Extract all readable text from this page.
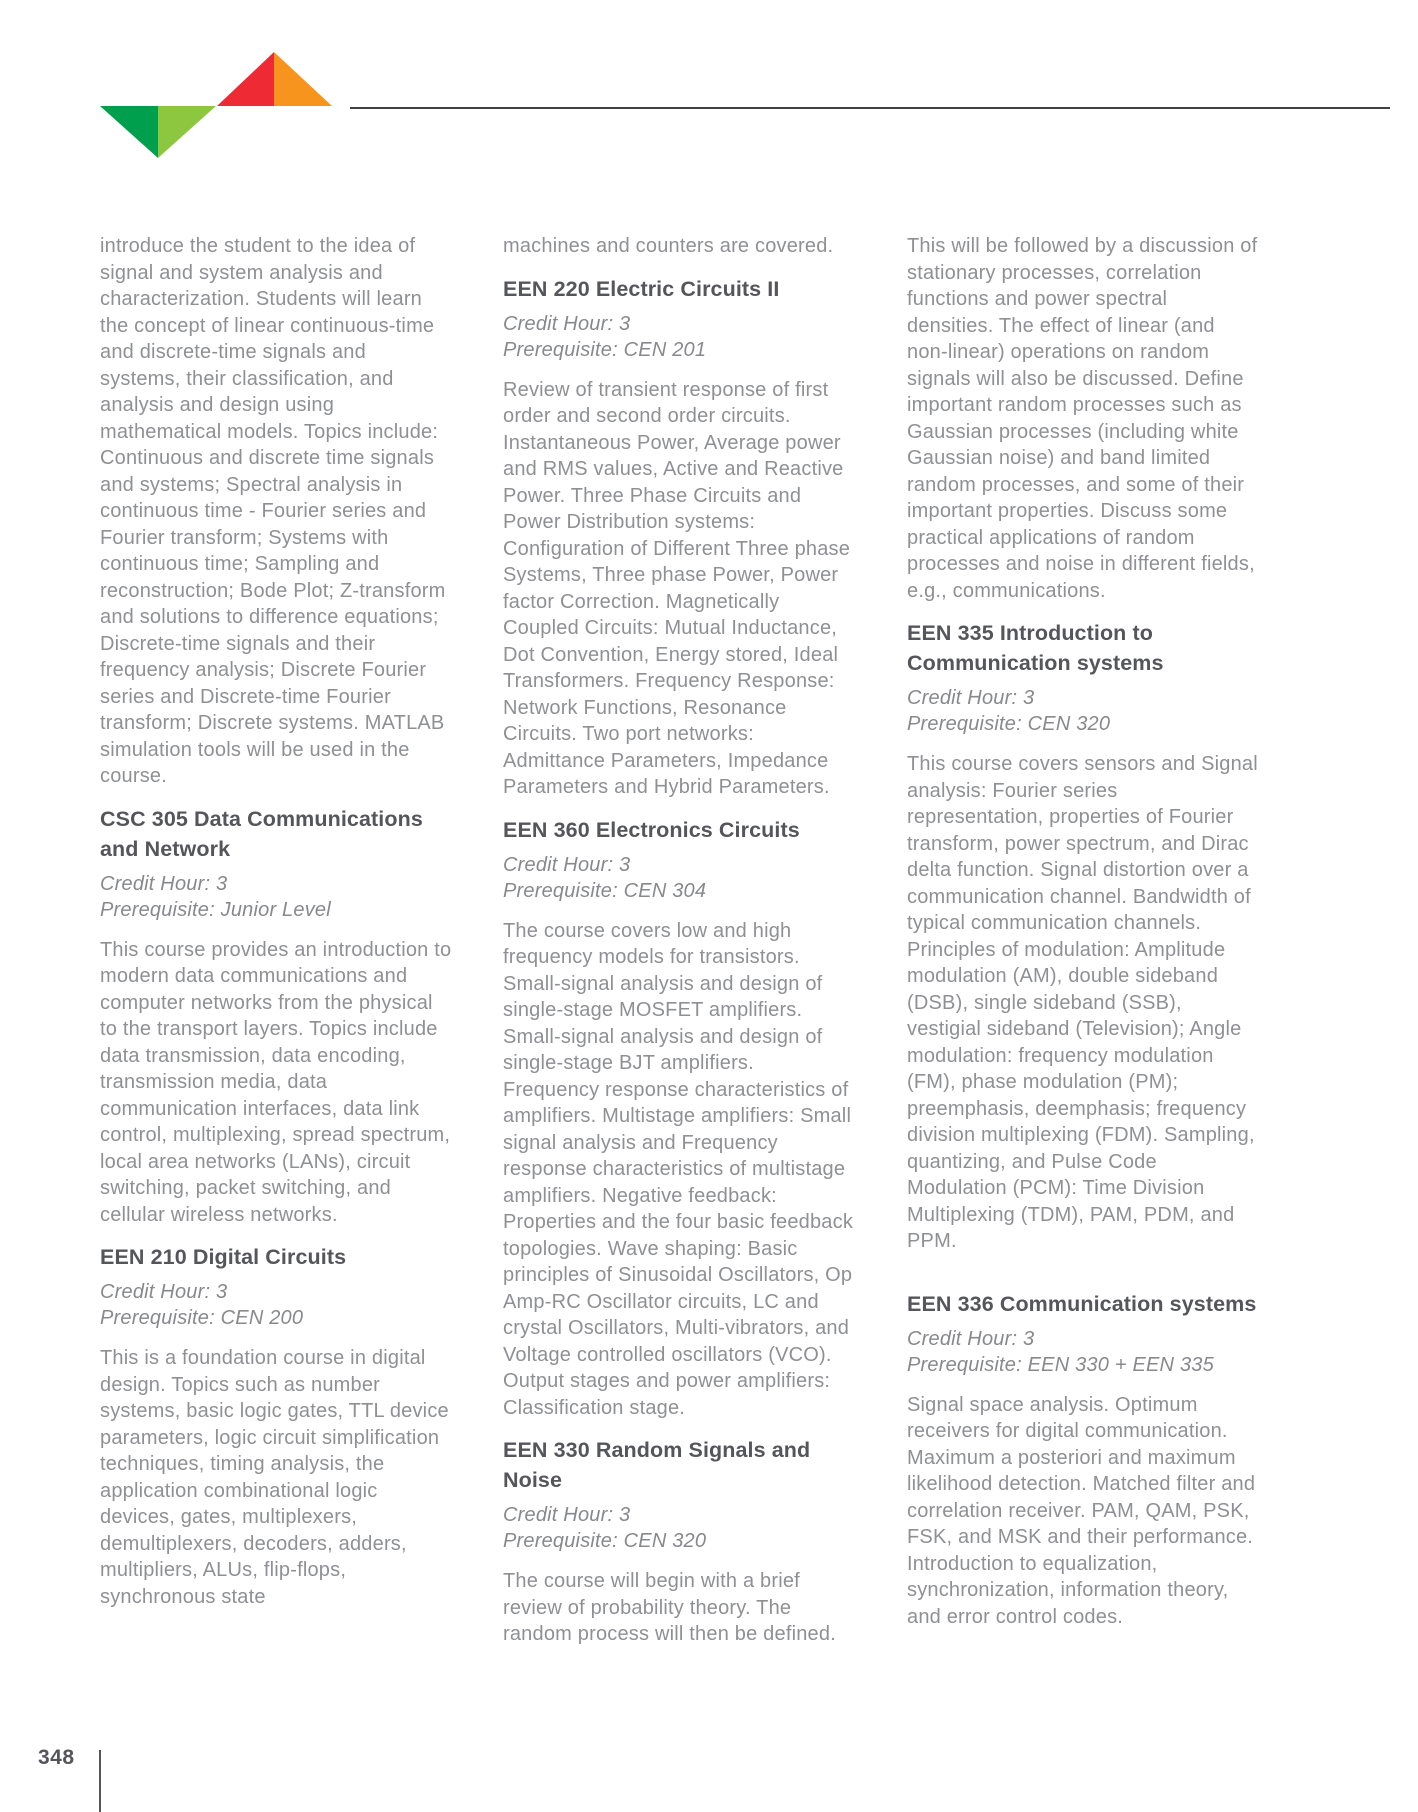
introduce the student to the idea of signal and system analysis and characterization. Students will learn the concept of linear continuous-time and discrete-time signals and systems, their classification, and analysis and design using mathematical models. Topics include: Continuous and discrete time signals and systems; Spectral analysis in continuous time - Fourier series and Fourier transform; Systems with continuous time; Sampling and reconstruction; Bode Plot; Z-transform and solutions to difference equations; Discrete-time signals and their frequency analysis; Discrete Fourier series and Discrete-time Fourier transform; Discrete systems. MATLAB simulation tools will be used in the course.

CSC 305 Data Communications and Network

Credit Hour: 3

Prerequisite: Junior Level

This course provides an introduction to modern data communications and computer networks from the physical to the transport layers. Topics include data transmission, data encoding, transmission media, data communication interfaces, data link control, multiplexing, spread spectrum, local area networks (LANs), circuit switching, packet switching, and cellular wireless networks.

EEN 210 Digital Circuits

Credit Hour: 3

Prerequisite: CEN 200

This is a foundation course in digital design. Topics such as number systems, basic logic gates, TTL device parameters, logic circuit simplification techniques, timing analysis, the application combinational logic devices, gates, multiplexers, demultiplexers, decoders, adders, multipliers, ALUs, flip-flops, synchronous state

machines and counters are covered.

EEN 220 Electric Circuits II

Credit Hour: 3

Prerequisite: CEN 201

Review of transient response of first order and second order circuits. Instantaneous Power, Average power and RMS values, Active and Reactive Power. Three Phase Circuits and Power Distribution systems: Configuration of Different Three phase Systems, Three phase Power, Power factor Correction. Magnetically Coupled Circuits: Mutual Inductance, Dot Convention, Energy stored, Ideal Transformers. Frequency Response: Network Functions, Resonance Circuits. Two port networks: Admittance Parameters, Impedance Parameters and Hybrid Parameters.

EEN 360 Electronics Circuits

Credit Hour: 3

Prerequisite: CEN 304

The course covers low and high frequency models for transistors. Small-signal analysis and design of single-stage MOSFET amplifiers. Small-signal analysis and design of single-stage BJT amplifiers. Frequency response characteristics of amplifiers. Multistage amplifiers: Small signal analysis and Frequency response characteristics of multistage amplifiers. Negative feedback: Properties and the four basic feedback topologies. Wave shaping: Basic principles of Sinusoidal Oscillators, Op Amp-RC Oscillator circuits, LC and crystal Oscillators, Multi-vibrators, and Voltage controlled oscillators (VCO). Output stages and power amplifiers: Classification stage.

EEN 330 Random Signals and Noise

Credit Hour: 3

Prerequisite: CEN 320

The course will begin with a brief review of probability theory. The random process will then be defined.

This will be followed by a discussion of stationary processes, correlation functions and power spectral densities. The effect of linear (and non-linear) operations on random signals will also be discussed. Define important random processes such as Gaussian processes (including white Gaussian noise) and band limited random processes, and some of their important properties. Discuss some practical applications of random processes and noise in different fields, e.g., communications.

EEN 335 Introduction to Communication systems

Credit Hour: 3

Prerequisite: CEN 320

This course covers sensors and Signal analysis: Fourier series representation, properties of Fourier transform, power spectrum, and Dirac delta function. Signal distortion over a communication channel. Bandwidth of typical communication channels. Principles of modulation: Amplitude modulation (AM), double sideband (DSB), single sideband (SSB), vestigial sideband (Television); Angle modulation: frequency modulation (FM), phase modulation (PM); preemphasis, deemphasis; frequency division multiplexing (FDM). Sampling, quantizing, and Pulse Code Modulation (PCM): Time Division Multiplexing (TDM), PAM, PDM, and PPM.

EEN 336 Communication systems

Credit Hour: 3

Prerequisite: EEN 330 + EEN 335

Signal space analysis. Optimum receivers for digital communication. Maximum a posteriori and maximum likelihood detection. Matched filter and correlation receiver. PAM, QAM, PSK, FSK, and MSK and their performance. Introduction to equalization, synchronization, information theory, and error control codes.

348
